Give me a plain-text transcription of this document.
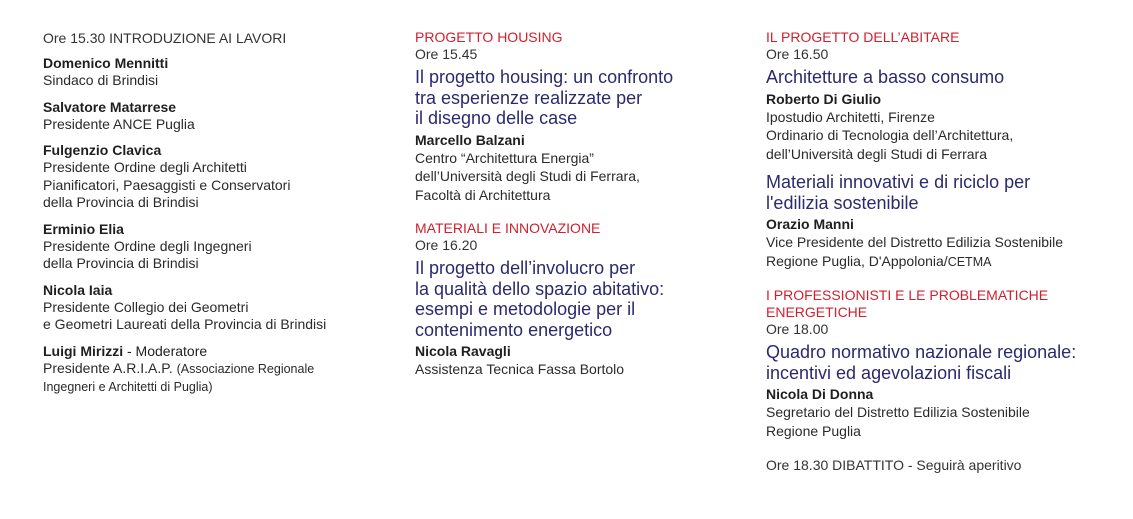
Ore 15.30 INTRODUZIONE AI LAVORI
Domenico Mennitti
Sindaco di Brindisi
Salvatore Matarrese
Presidente ANCE Puglia
Fulgenzio Clavica
Presidente Ordine degli Architetti
Pianificatori, Paesaggisti e Conservatori
della Provincia di Brindisi
Erminio Elia
Presidente Ordine degli Ingegneri
della Provincia di Brindisi
Nicola Iaia
Presidente Collegio dei Geometri
e Geometri Laureati della Provincia di Brindisi
Luigi Mirizzi - Moderatore
Presidente A.R.I.A.P. (Associazione Regionale
Ingegneri e Architetti di Puglia)
PROGETTO HOUSING
Ore 15.45
Il progetto housing: un confronto
tra esperienze realizzate per
il disegno delle case
Marcello Balzani
Centro “Architettura Energia”
dell’Università degli Studi di Ferrara,
Facoltà di Architettura
MATERIALI E INNOVAZIONE
Ore 16.20
Il progetto dell’involucro per
la qualità dello spazio abitativo:
esempi e metodologie per il
contenimento energetico
Nicola Ravagli
Assistenza Tecnica Fassa Bortolo
IL PROGETTO DELL’ABITARE
Ore 16.50
Architetture a basso consumo
Roberto Di Giulio
Ipostudio Architetti, Firenze
Ordinario di Tecnologia dell’Architettura,
dell’Università degli Studi di Ferrara
Materiali innovativi e di riciclo per
l'edilizia sostenibile
Orazio Manni
Vice Presidente del Distretto Edilizia Sostenibile
Regione Puglia, D'Appolonia/CETMA
I PROFESSIONISTI E LE PROBLEMATICHE
ENERGETICHE
Ore 18.00
Quadro normativo nazionale regionale:
incentivi ed agevolazioni fiscali
Nicola Di Donna
Segretario del Distretto Edilizia Sostenibile
Regione Puglia
Ore 18.30 DIBATTITO - Seguirà aperitivo
